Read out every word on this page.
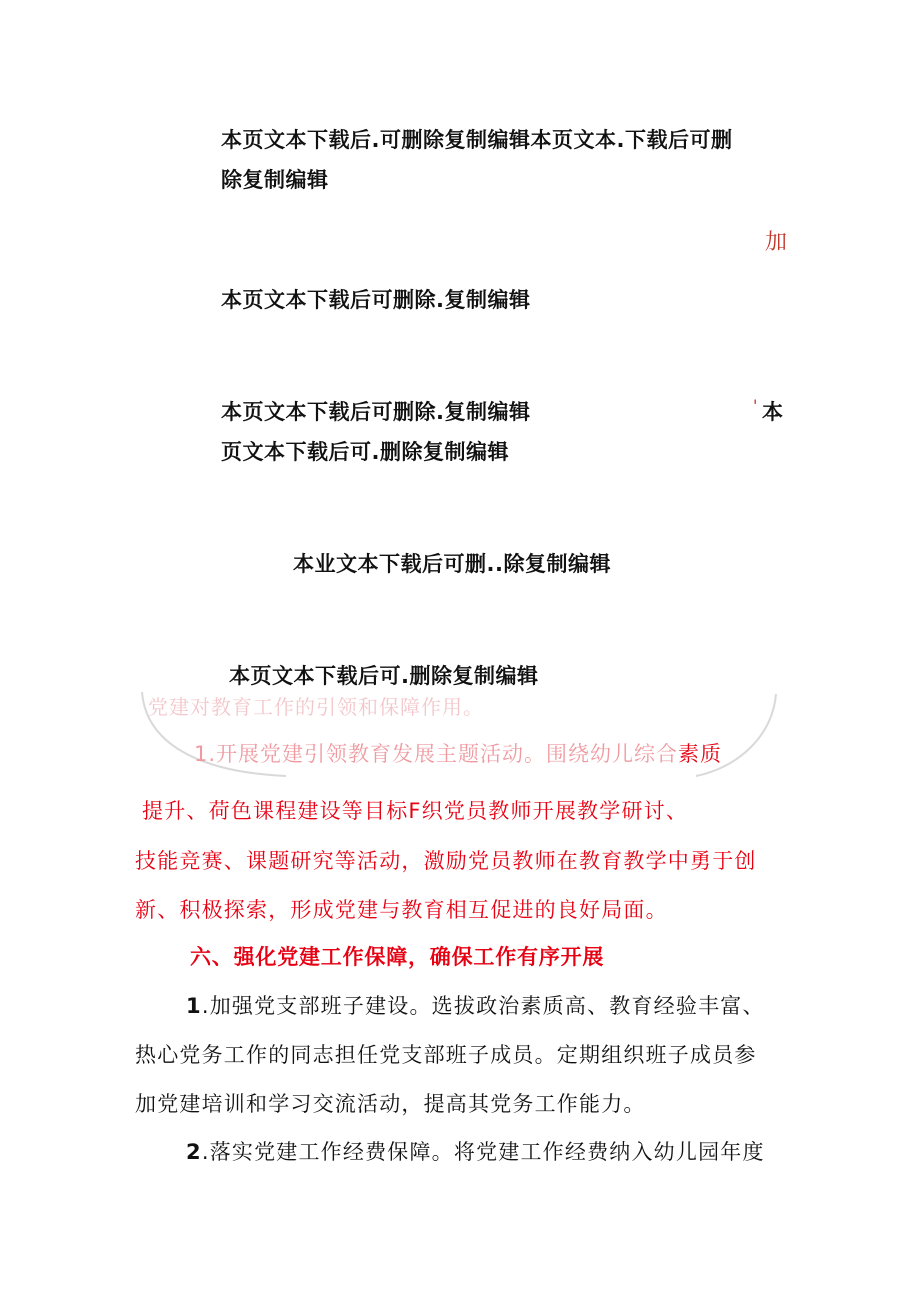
本页文本下载后.可删除复制编辑本页文本.下载后可删
除复制编辑
加
本页文本下载后可删除.复制编辑
本页文本下载后可删除.复制编辑	' 本
页文本下载后可.删除复制编辑
本业文本下载后可删..除复制编辑
本页文本下载后可.删除复制编辑
党建对教育工作的引领和保障作用。
1.开展党建引领教育发展主题活动。围绕幼儿综合素质
提升、荷色课程建设等目标F织党员教师开展教学研讨、
技能竞赛、课题研究等活动，激励党员教师在教育教学中勇于创
新、积极探索，形成党建与教育相互促进的良好局面。
六、强化党建工作保障，确保工作有序开展
1.加强党支部班子建设。选拔政治素质高、教育经验丰富、
热心党务工作的同志担任党支部班子成员。定期组织班子成员参
加党建培训和学习交流活动，提高其党务工作能力。
2.落实党建工作经费保障。将党建工作经费纳入幼儿园年度
